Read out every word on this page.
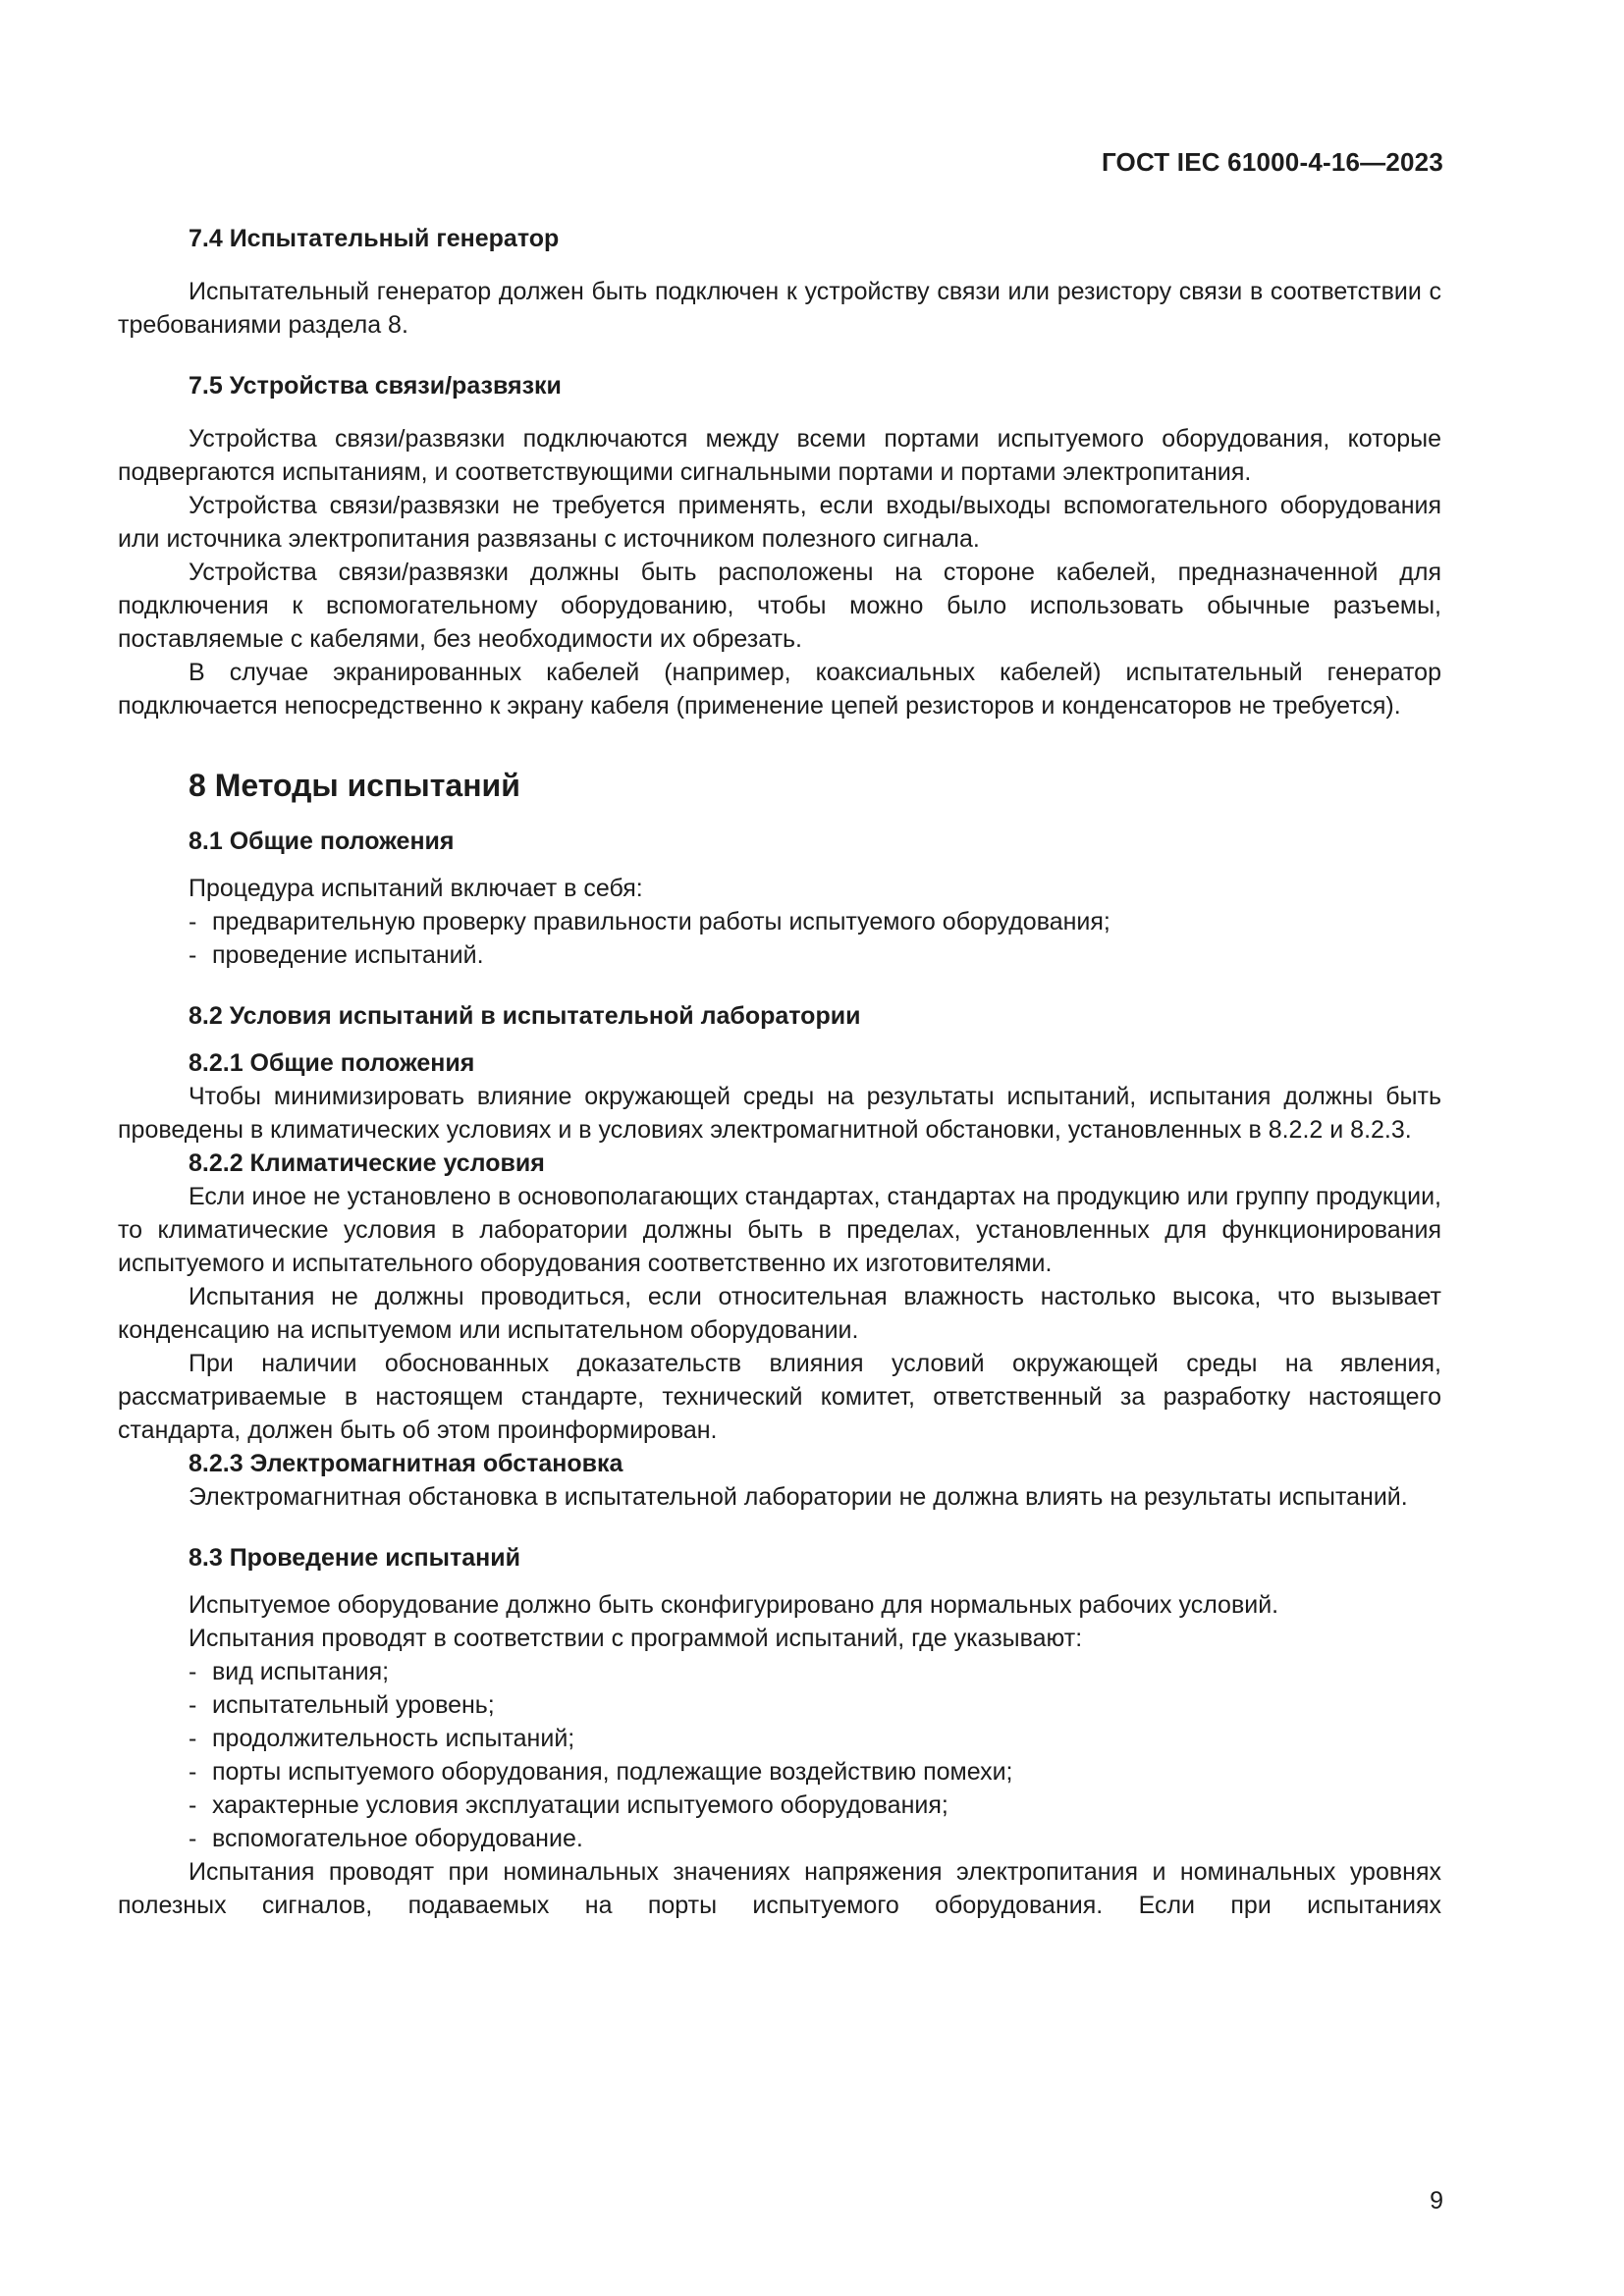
ГОСТ IEC 61000-4-16—2023
7.4 Испытательный генератор

Испытательный генератор должен быть подключен к устройству связи или резистору связи в соответствии с требованиями раздела 8.

7.5 Устройства связи/развязки

Устройства связи/развязки подключаются между всеми портами испытуемого оборудования, которые подвергаются испытаниям, и соответствующими сигнальными портами и портами электропитания.

Устройства связи/развязки не требуется применять, если входы/выходы вспомогательного оборудования или источника электропитания развязаны с источником полезного сигнала.

Устройства связи/развязки должны быть расположены на стороне кабелей, предназначенной для подключения к вспомогательному оборудованию, чтобы можно было использовать обычные разъемы, поставляемые с кабелями, без необходимости их обрезать.

В случае экранированных кабелей (например, коаксиальных кабелей) испытательный генератор подключается непосредственно к экрану кабеля (применение цепей резисторов и конденсаторов не требуется).

8 Методы испытаний
8.1 Общие положения

Процедура испытаний включает в себя:

- предварительную проверку правильности работы испытуемого оборудования;
- проведение испытаний.
8.2 Условия испытаний в испытательной лаборатории
8.2.1 Общие положения

Чтобы минимизировать влияние окружающей среды на результаты испытаний, испытания должны быть проведены в климатических условиях и в условиях электромагнитной обстановки, установленных в 8.2.2 и 8.2.3.

8.2.2 Климатические условия

Если иное не установлено в основополагающих стандартах, стандартах на продукцию или группу продукции, то климатические условия в лаборатории должны быть в пределах, установленных для функционирования испытуемого и испытательного оборудования соответственно их изготовителями.

Испытания не должны проводиться, если относительная влажность настолько высока, что вызывает конденсацию на испытуемом или испытательном оборудовании.

При наличии обоснованных доказательств влияния условий окружающей среды на явления, рассматриваемые в настоящем стандарте, технический комитет, ответственный за разработку настоящего стандарта, должен быть об этом проинформирован.

8.2.3 Электромагнитная обстановка

Электромагнитная обстановка в испытательной лаборатории не должна влиять на результаты испытаний.

8.3 Проведение испытаний

Испытуемое оборудование должно быть сконфигурировано для нормальных рабочих условий.

Испытания проводят в соответствии с программой испытаний, где указывают:

- вид испытания;
- испытательный уровень;
- продолжительность испытаний;
- порты испытуемого оборудования, подлежащие воздействию помехи;
- характерные условия эксплуатации испытуемого оборудования;
- вспомогательное оборудование.

Испытания проводят при номинальных значениях напряжения электропитания и номинальных уровнях полезных сигналов, подаваемых на порты испытуемого оборудования. Если при испытаниях

9
